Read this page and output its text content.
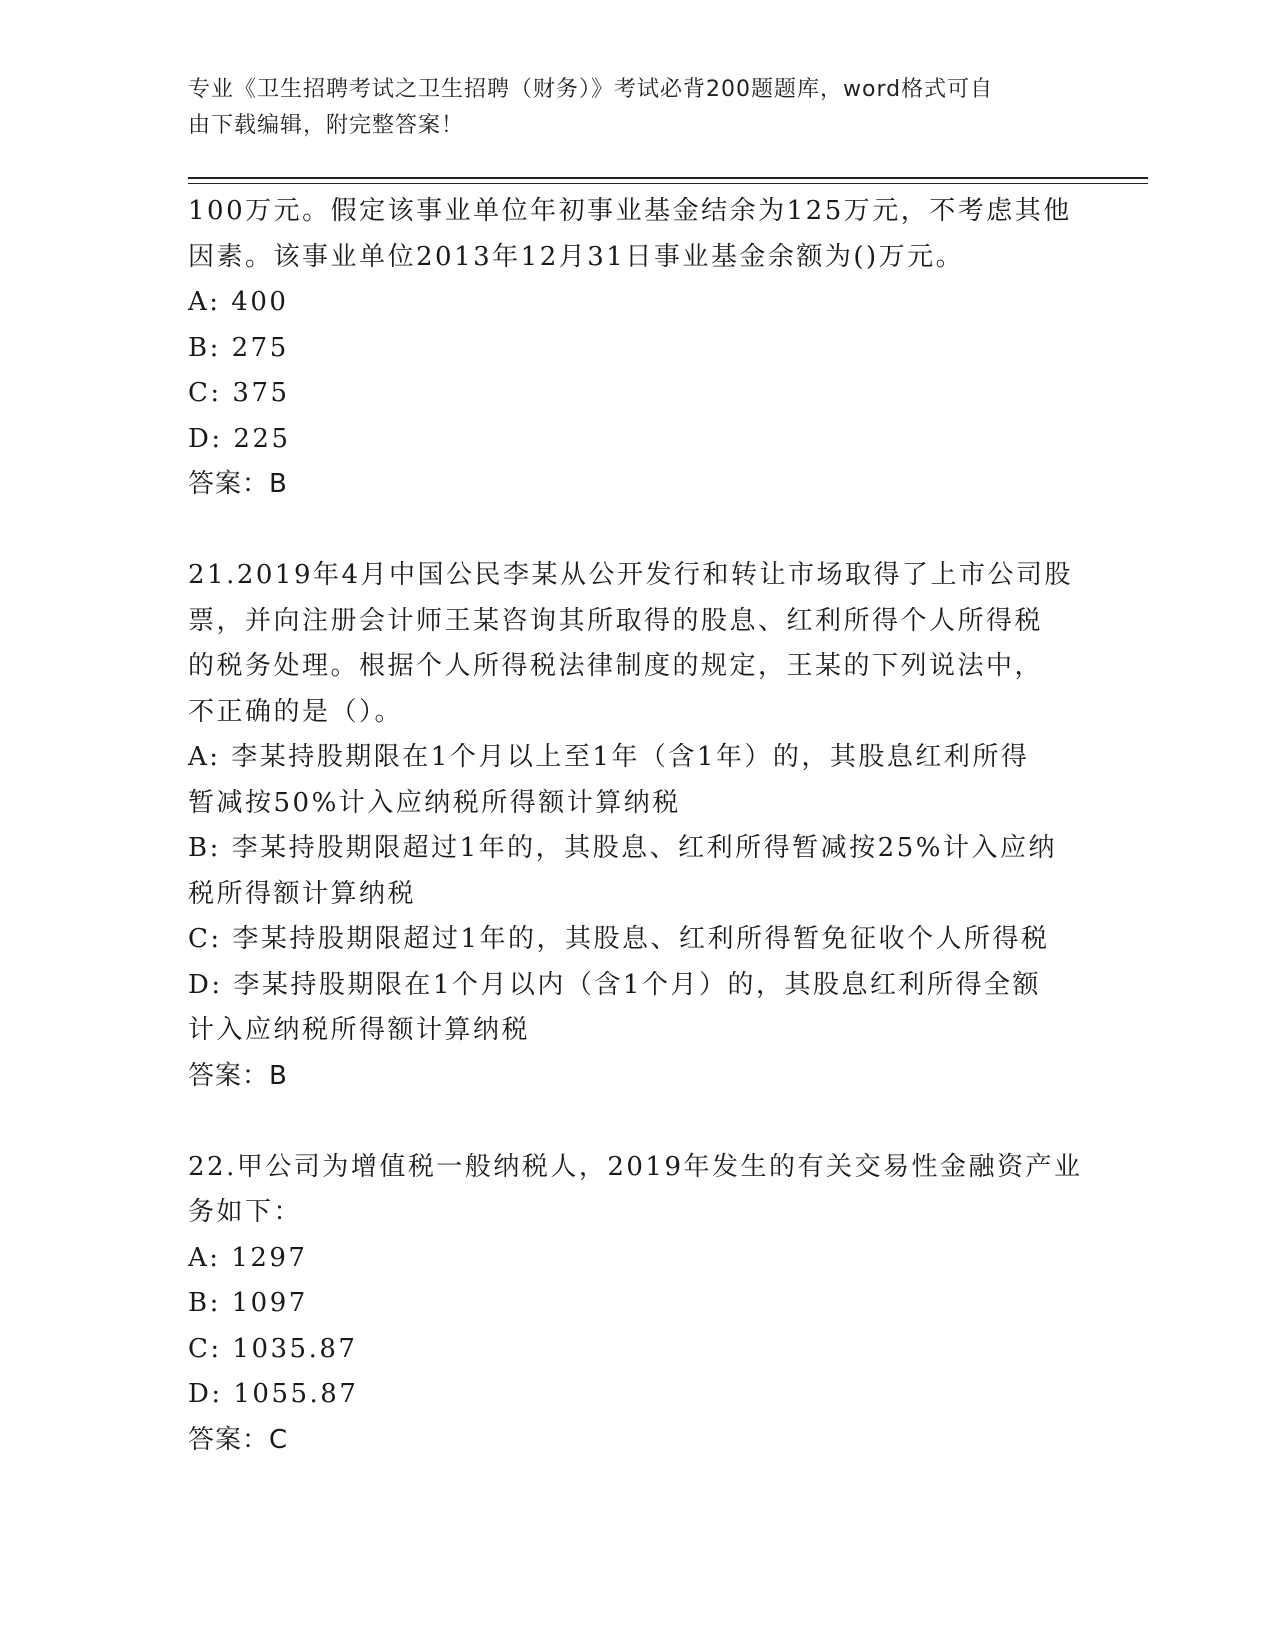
专业《卫生招聘考试之卫生招聘（财务）》考试必背200题题库，word格式可自
由下载编辑，附完整答案！
100万元。假定该事业单位年初事业基金结余为125万元，不考虑其他
因素。该事业单位2013年12月31日事业基金余额为()万元。
A: 400
B: 275
C: 375
D: 225
答案：B
21.2019年4月中国公民李某从公开发行和转让市场取得了上市公司股
票，并向注册会计师王某咨询其所取得的股息、红利所得个人所得税
的税务处理。根据个人所得税法律制度的规定，王某的下列说法中，
不正确的是（）。
A: 李某持股期限在1个月以上至1年（含1年）的，其股息红利所得
暂减按50%计入应纳税所得额计算纳税
B: 李某持股期限超过1年的，其股息、红利所得暂减按25%计入应纳
税所得额计算纳税
C: 李某持股期限超过1年的，其股息、红利所得暂免征收个人所得税
D: 李某持股期限在1个月以内（含1个月）的，其股息红利所得全额
计入应纳税所得额计算纳税
答案：B
22.甲公司为增值税一般纳税人，2019年发生的有关交易性金融资产业
务如下：
A: 1297
B: 1097
C: 1035.87
D: 1055.87
答案：C
